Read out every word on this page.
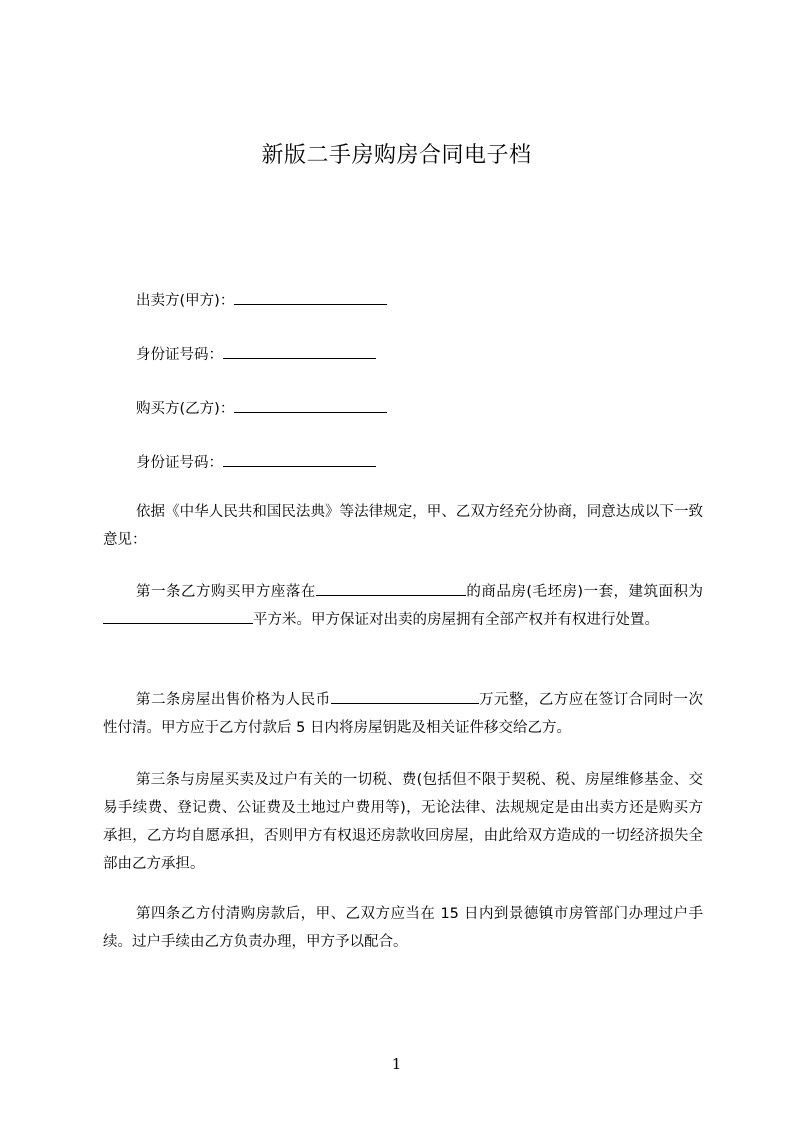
新版二手房购房合同电子档
出卖方(甲方)：
身份证号码：
购买方(乙方)：
身份证号码：

依据《中华人民共和国民法典》等法律规定，甲、乙双方经充分协商，同意达成以下一致意见：

第一条乙方购买甲方座落在	的商品房(毛坯房)一套，建筑面积为平方米。甲方保证对出卖的房屋拥有全部产权并有权进行处置。

第二条房屋出售价格为人民币	万元整，乙方应在签订合同时一次性付清。甲方应于乙方付款后 5 日内将房屋钥匙及相关证件移交给乙方。

第三条与房屋买卖及过户有关的一切税、费(包括但不限于契税、税、房屋维修基金、交易手续费、登记费、公证费及土地过户费用等)，无论法律、法规规定是由出卖方还是购买方承担，乙方均自愿承担，否则甲方有权退还房款收回房屋，由此给双方造成的一切经济损失全部由乙方承担。

第四条乙方付清购房款后，甲、乙双方应当在 15 日内到景德镇市房管部门办理过户手续。过户手续由乙方负责办理，甲方予以配合。

1
